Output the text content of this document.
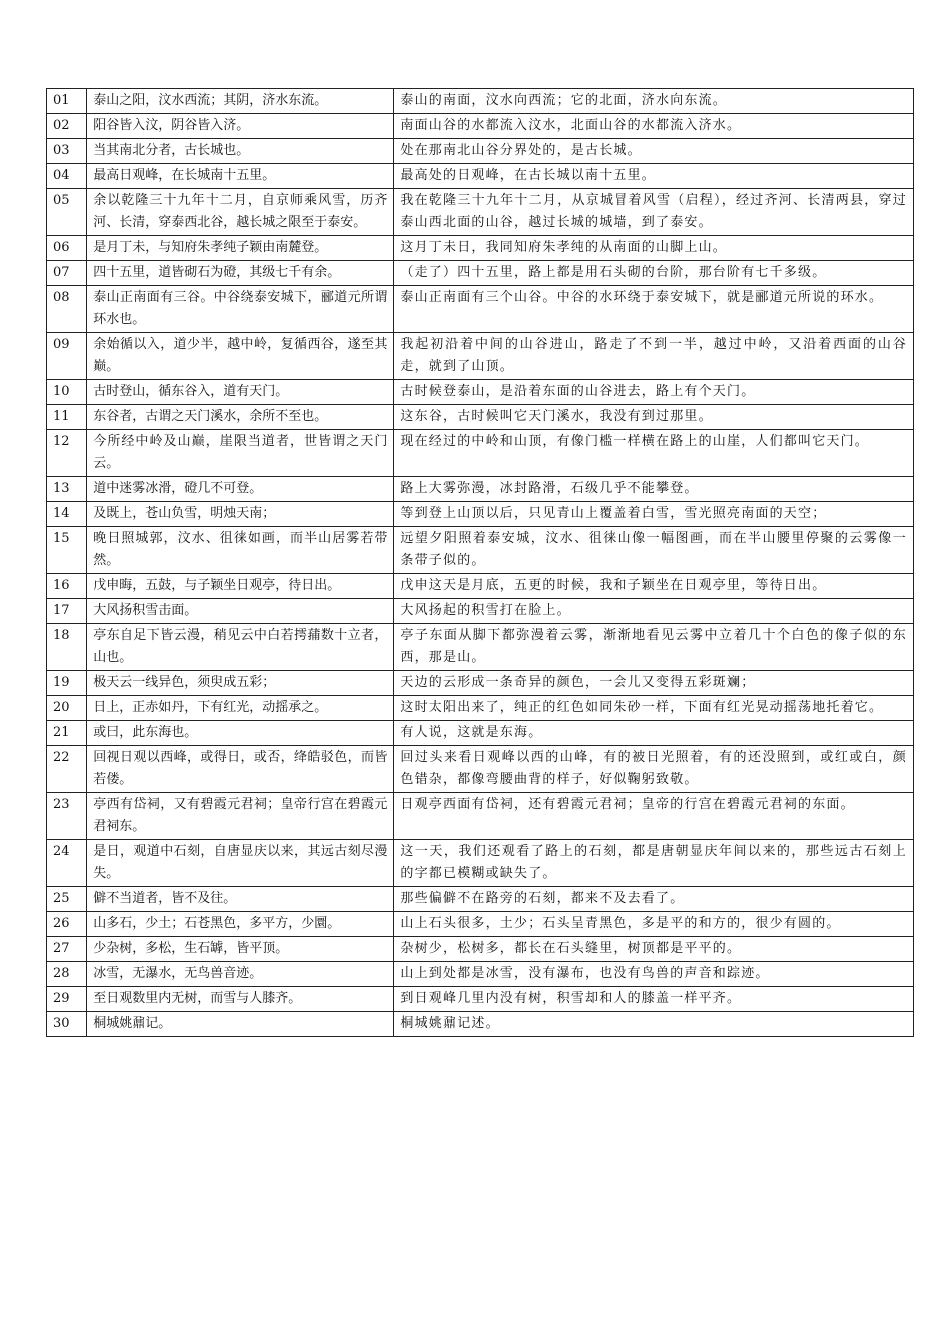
01	泰山之阳，汶水西流；其阴，济水东流。	泰山的南面，汶水向西流；它的北面，济水向东流。
02	阳谷皆入汶，阴谷皆入济。	南面山谷的水都流入汶水，北面山谷的水都流入济水。
03	当其南北分者，古长城也。	处在那南北山谷分界处的，是古长城。
04	最高日观峰，在长城南十五里。	最高处的日观峰，在古长城以南十五里。
05	余以乾隆三十九年十二月，自京师乘风雪，历齐河、长清，穿泰西北谷，越长城之限至于泰安。	我在乾隆三十九年十二月，从京城冒着风雪（启程），经过齐河、长清两县，穿过泰山西北面的山谷，越过长城的城墙，到了泰安。
06	是月丁未，与知府朱孝纯子颖由南麓登。	这月丁未日，我同知府朱孝纯的从南面的山脚上山。
07	四十五里，道皆砌石为磴，其级七千有余。	（走了）四十五里，路上都是用石头砌的台阶，那台阶有七千多级。
08	泰山正南面有三谷。中谷绕泰安城下，郦道元所谓环水也。	泰山正南面有三个山谷。中谷的水环绕于泰安城下，就是郦道元所说的环水。
09	余始循以入，道少半，越中岭，复循西谷，遂至其巅。	我起初沿着中间的山谷进山，路走了不到一半，越过中岭，又沿着西面的山谷走，就到了山顶。
10	古时登山，循东谷入，道有天门。	古时候登泰山，是沿着东面的山谷进去，路上有个天门。
11	东谷者，古谓之天门溪水，余所不至也。	这东谷，古时候叫它天门溪水，我没有到过那里。
12	今所经中岭及山巅，崖限当道者，世皆谓之天门云。	现在经过的中岭和山顶，有像门槛一样横在路上的山崖，人们都叫它天门。
13	道中迷雾冰滑，磴几不可登。	路上大雾弥漫，冰封路滑，石级几乎不能攀登。
14	及既上，苍山负雪，明烛天南；	等到登上山顶以后，只见青山上覆盖着白雪，雪光照亮南面的天空；
15	晚日照城郭，汶水、徂徕如画，而半山居雾若带然。	远望夕阳照着泰安城，汶水、徂徕山像一幅图画，而在半山腰里停聚的云雾像一条带子似的。
16	戊申晦，五鼓，与子颖坐日观亭，待日出。	戊申这天是月底，五更的时候，我和子颖坐在日观亭里，等待日出。
17	大风扬积雪击面。	大风扬起的积雪打在脸上。
18	亭东自足下皆云漫，稍见云中白若摴蒱数十立者，山也。	亭子东面从脚下都弥漫着云雾，渐渐地看见云雾中立着几十个白色的像子似的东西，那是山。
19	极天云一线异色，须臾成五彩；	天边的云形成一条奇异的颜色，一会儿又变得五彩斑斓；
20	日上，正赤如丹，下有红光，动摇承之。	这时太阳出来了，纯正的红色如同朱砂一样，下面有红光晃动摇荡地托着它。
21	或曰，此东海也。	有人说，这就是东海。
22	回视日观以西峰，或得日，或否，绛皓驳色，而皆若偻。	回过头来看日观峰以西的山峰，有的被日光照着，有的还没照到，或红或白，颜色错杂，都像弯腰曲背的样子，好似鞠躬致敬。
23	亭西有岱祠，又有碧霞元君祠；皇帝行宫在碧霞元君祠东。	日观亭西面有岱祠，还有碧霞元君祠；皇帝的行宫在碧霞元君祠的东面。
24	是日，观道中石刻，自唐显庆以来，其远古刻尽漫失。	这一天，我们还观看了路上的石刻，都是唐朝显庆年间以来的，那些远古石刻上的字都已模糊或缺失了。
25	僻不当道者，皆不及往。	那些偏僻不在路旁的石刻，都来不及去看了。
26	山多石，少土；石苍黑色，多平方，少圜。	山上石头很多，土少；石头呈青黑色，多是平的和方的，很少有圆的。
27	少杂树，多松，生石罅，皆平顶。	杂树少，松树多，都长在石头缝里，树顶都是平平的。
28	冰雪，无瀑水，无鸟兽音迹。	山上到处都是冰雪，没有瀑布，也没有鸟兽的声音和踪迹。
29	至日观数里内无树，而雪与人膝齐。	到日观峰几里内没有树，积雪却和人的膝盖一样平齐。
30	桐城姚鼐记。	桐城姚鼐记述。
